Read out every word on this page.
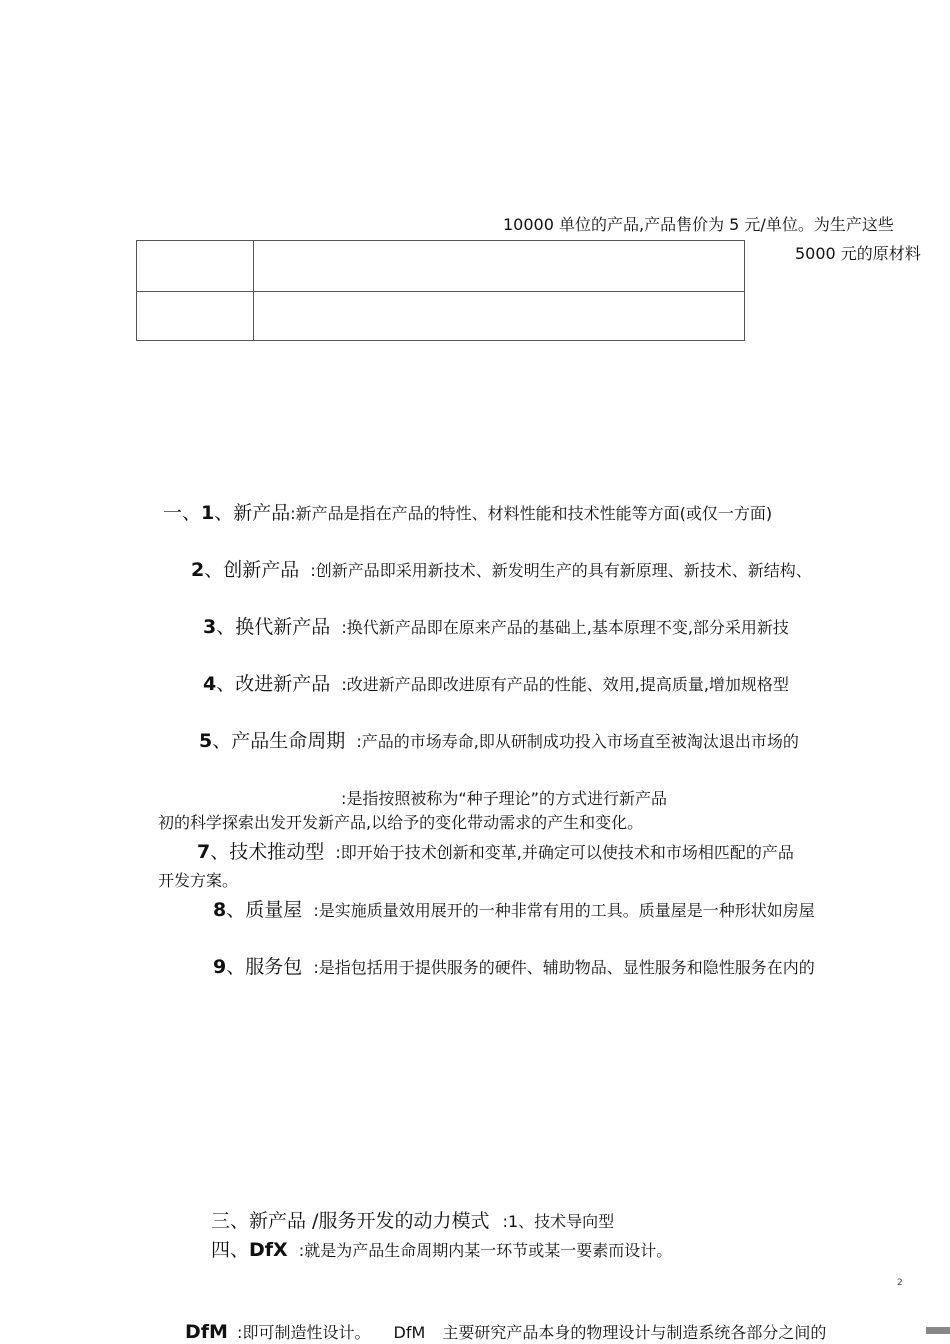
10000 单位的产品,产品售价为 5 元/单位。为生产这些
5000 元的原材料

一、1、新产品:新产品是指在产品的特性、材料性能和技术性能等方面(或仅一方面)
2、创新产品 :创新产品即采用新技术、新发明生产的具有新原理、新技术、新结构、
3、换代新产品 :换代新产品即在原来产品的基础上,基本原理不变,部分采用新技
4、改进新产品 :改进新产品即改进原有产品的性能、效用,提高质量,增加规格型
5、产品生命周期 :产品的市场寿命,即从研制成功投入市场直至被淘汰退出市场的
:是指按照被称为“种子理论”的方式进行新产品
初的科学探索出发开发新产品,以给予的变化带动需求的产生和变化。
7、技术推动型 :即开始于技术创新和变革,并确定可以使技术和市场相匹配的产品
开发方案。
8、质量屋 :是实施质量效用展开的一种非常有用的工具。质量屋是一种形状如房屋
9、服务包 :是指包括用于提供服务的硬件、辅助物品、显性服务和隐性服务在内的
三、新产品 /服务开发的动力模式 :1、技术导向型
四、DfX :就是为产品生命周期内某一环节或某一要素而设计。
2
DfM :即可制造性设计。 DfM 主要研究产品本身的物理设计与制造系统各部分之间的
